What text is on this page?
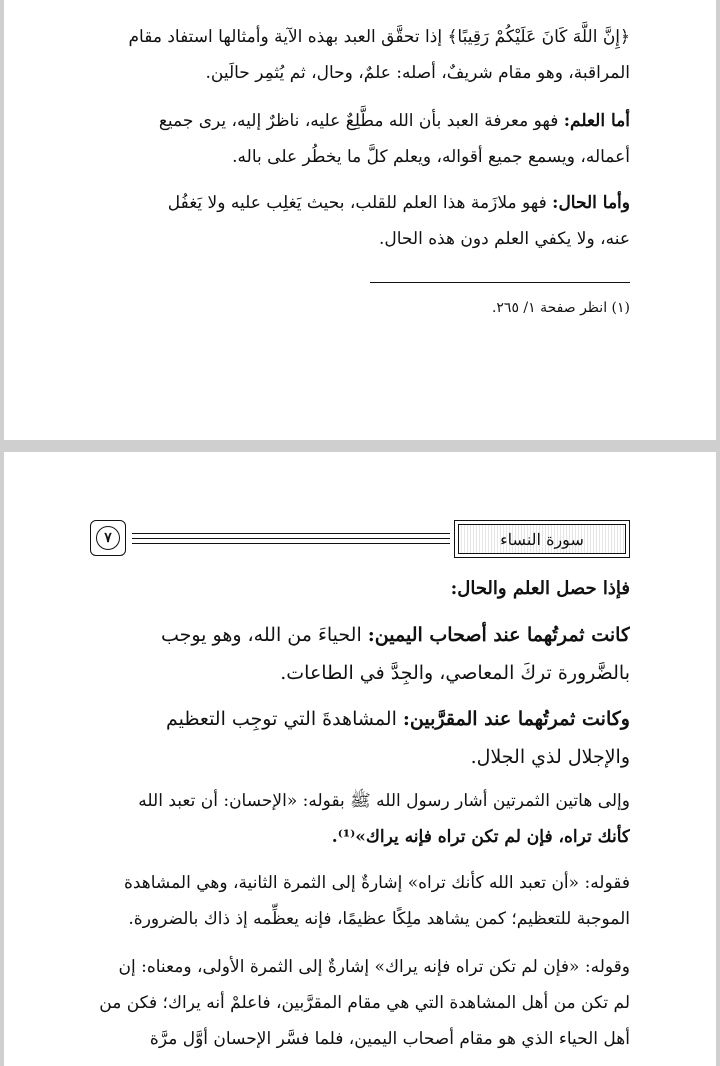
﴿إِنَّ اللَّهَ كَانَ عَلَيْكُمْ رَقِيبًا﴾ إذا تحقَّق العبد بهذه الآية وأمثالها استفاد مقام
المراقبة، وهو مقام شريفٌ، أصله: علمٌ، وحال، ثم يُثمِر حالَين.
أما العلم: فهو معرفة العبد بأن الله مطَّلِعٌ عليه، ناظرٌ إليه، يرى جميع
أعماله، ويسمع جميع أقواله، ويعلم كلَّ ما يخطُر على باله.
وأما الحال: فهو ملازَمة هذا العلم للقلب، بحيث يَغلِب عليه ولا يَغفُل
عنه، ولا يكفي العلم دون هذه الحال.
(١) انظر صفحة ١/ ٢٦٥.
٧	سورة النساء
فإذا حصل العلم والحال:
كانت ثمرتُهما عند أصحاب اليمين: الحياءَ من الله، وهو يوجب
بالضَّرورة تركَ المعاصي، والجِدَّ في الطاعات.
وكانت ثمرتُهما عند المقرَّبين: المشاهدةَ التي توجِب التعظيم
والإجلال لذي الجلال.
وإلى هاتين الثمرتين أشار رسول الله ﷺ بقوله: «الإحسان: أن تعبد الله
كأنك تراه، فإن لم تكن تراه فإنه يراك»⁽¹⁾.
فقوله: «أن تعبد الله كأنك تراه» إشارةٌ إلى الثمرة الثانية، وهي المشاهدة
الموجبة للتعظيم؛ كمن يشاهد ملِكًا عظيمًا، فإنه يعظِّمه إذ ذاك بالضرورة.
وقوله: «فإن لم تكن تراه فإنه يراك» إشارةٌ إلى الثمرة الأولى، ومعناه: إن
لم تكن من أهل المشاهدة التي هي مقام المقرَّبين، فاعلمْ أنه يراك؛ فكن من
أهل الحياء الذي هو مقام أصحاب اليمين، فلما فسَّر الإحسان أوَّل مرَّة
